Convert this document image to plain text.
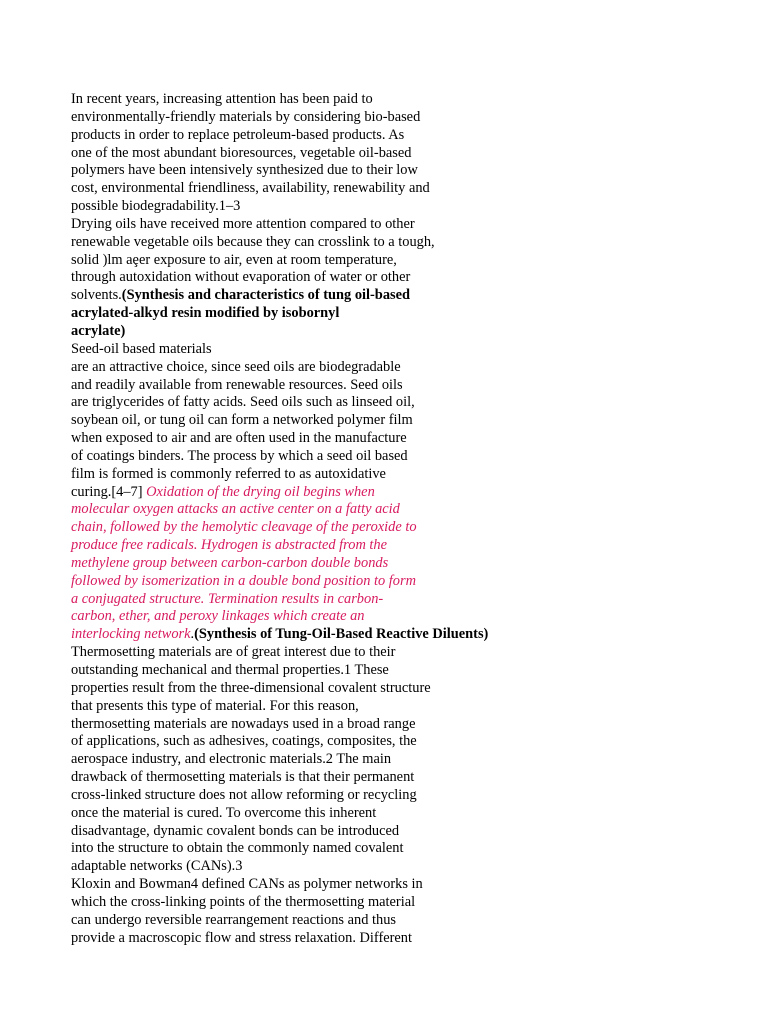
In recent years, increasing attention has been paid to
environmentally-friendly materials by considering bio-based
products in order to replace petroleum-based products. As
one of the most abundant bioresources, vegetable oil-based
polymers have been intensively synthesized due to their low
cost, environmental friendliness, availability, renewability and
possible biodegradability.1–3
Drying oils have received more attention compared to other
renewable vegetable oils because they can crosslink to a tough,
solid )lm aȩer exposure to air, even at room temperature,
through autoxidation without evaporation of water or other
solvents.(Synthesis and characteristics of tung oil-based
acrylated-alkyd resin modified by isobornyl
acrylate)
Seed-oil based materials
are an attractive choice, since seed oils are biodegradable
and readily available from renewable resources. Seed oils
are triglycerides of fatty acids. Seed oils such as linseed oil,
soybean oil, or tung oil can form a networked polymer film
when exposed to air and are often used in the manufacture
of coatings binders. The process by which a seed oil based
film is formed is commonly referred to as autoxidative
curing.[4–7] Oxidation of the drying oil begins when
molecular oxygen attacks an active center on a fatty acid
chain, followed by the hemolytic cleavage of the peroxide to
produce free radicals. Hydrogen is abstracted from the
methylene group between carbon-carbon double bonds
followed by isomerization in a double bond position to form
a conjugated structure. Termination results in carbon-
carbon, ether, and peroxy linkages which create an
interlocking network.(Synthesis of Tung-Oil-Based Reactive Diluents)
Thermosetting materials are of great interest due to their
outstanding mechanical and thermal properties.1 These
properties result from the three-dimensional covalent structure
that presents this type of material. For this reason,
thermosetting materials are nowadays used in a broad range
of applications, such as adhesives, coatings, composites, the
aerospace industry, and electronic materials.2 The main
drawback of thermosetting materials is that their permanent
cross-linked structure does not allow reforming or recycling
once the material is cured. To overcome this inherent
disadvantage, dynamic covalent bonds can be introduced
into the structure to obtain the commonly named covalent
adaptable networks (CANs).3
Kloxin and Bowman4 defined CANs as polymer networks in
which the cross-linking points of the thermosetting material
can undergo reversible rearrangement reactions and thus
provide a macroscopic flow and stress relaxation. Different
